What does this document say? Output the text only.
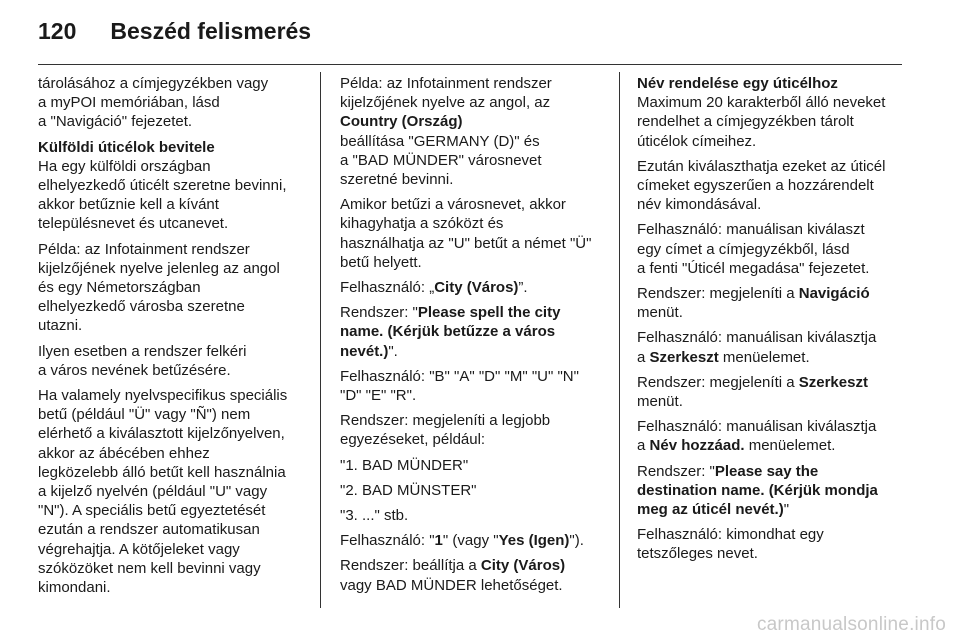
120 Beszéd felismerés

tárolásához a címjegyzékben vagy
a myPOI memóriában, lásd
a "Navigáció" fejezetet.

Külföldi úticélok bevitele

Ha egy külföldi országban
elhelyezkedő úticélt szeretne bevinni,
akkor betűznie kell a kívánt
településnevet és utcanevet.

Példa: az Infotainment rendszer
kijelzőjének nyelve jelenleg az angol
és egy Németországban
elhelyezkedő városba szeretne
utazni.

Ilyen esetben a rendszer felkéri
a város nevének betűzésére.

Ha valamely nyelvspecifikus speciális
betű (például "Ü" vagy "Ñ") nem
elérhető a kiválasztott kijelzőnyelven,
akkor az ábécében ehhez
legközelebb álló betűt kell használnia
a kijelző nyelvén (például "U" vagy
"N"). A speciális betű egyeztetését
ezután a rendszer automatikusan
végrehajtja. A kötőjeleket vagy
szóközöket nem kell bevinni vagy
kimondani.

Példa: az Infotainment rendszer
kijelzőjének nyelve az angol, az
Country (Ország)
beállítása "GERMANY (D)" és
a "BAD MÜNDER" városnevet
szeretné bevinni.

Amikor betűzi a városnevet, akkor
kihagyhatja a szóközt és
használhatja az "U" betűt a német "Ü"
betű helyett.

Felhasználó: „City (Város)”.

Rendszer: "Please spell the city
name. (Kérjük betűzze a város
nevét.)".

Felhasználó: "B" "A" "D" "M" "U" "N"
"D" "E" "R".

Rendszer: megjeleníti a legjobb
egyezéseket, például:

"1. BAD MÜNDER"

"2. BAD MÜNSTER"

"3. ..." stb.

Felhasználó: "1" (vagy "Yes (Igen)").

Rendszer: beállítja a City (Város)
vagy BAD MÜNDER lehetőséget.

Név rendelése egy úticélhoz

Maximum 20 karakterből álló neveket
rendelhet a címjegyzékben tárolt
úticélok címeihez.

Ezután kiválaszthatja ezeket az úticél
címeket egyszerűen a hozzárendelt
név kimondásával.

Felhasználó: manuálisan kiválaszt
egy címet a címjegyzékből, lásd
a fenti "Úticél megadása" fejezetet.

Rendszer: megjeleníti a Navigáció
menüt.

Felhasználó: manuálisan kiválasztja
a Szerkeszt menüelemet.

Rendszer: megjeleníti a Szerkeszt
menüt.

Felhasználó: manuálisan kiválasztja
a Név hozzáad. menüelemet.

Rendszer: "Please say the
destination name. (Kérjük mondja
meg az úticél nevét.)"

Felhasználó: kimondhat egy
tetszőleges nevet.

carmanualsonline.info
